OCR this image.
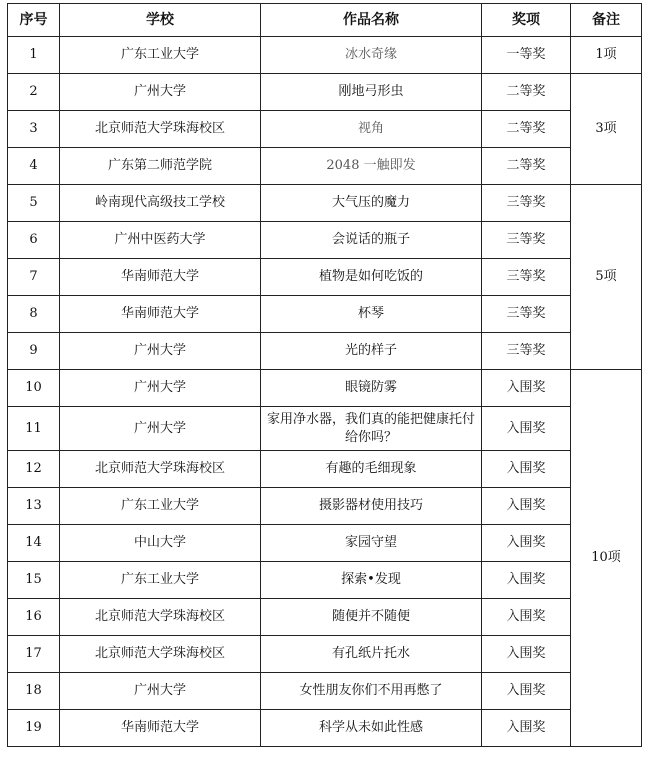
序号	学校	作品名称	奖项	备注
1	广东工业大学	冰水奇缘	一等奖	1项
2	广州大学	刚地弓形虫	二等奖	3项
3	北京师范大学珠海校区	视角	二等奖	
4	广东第二师范学院	2048 一触即发	二等奖	
5	岭南现代高级技工学校	大气压的魔力	三等奖	5项
6	广州中医药大学	会说话的瓶子	三等奖	
7	华南师范大学	植物是如何吃饭的	三等奖	
8	华南师范大学	杯琴	三等奖	
9	广州大学	光的样子	三等奖	
10	广州大学	眼镜防雾	入围奖	10项
11	广州大学	家用净水器，我们真的能把健康托付给你吗？	入围奖	
12	北京师范大学珠海校区	有趣的毛细现象	入围奖	
13	广东工业大学	摄影器材使用技巧	入围奖	
14	中山大学	家园守望	入围奖	
15	广东工业大学	探索•发现	入围奖	
16	北京师范大学珠海校区	随便并不随便	入围奖	
17	北京师范大学珠海校区	有孔纸片托水	入围奖	
18	广州大学	女性朋友你们不用再憋了	入围奖	
19	华南师范大学	科学从未如此性感	入围奖	
